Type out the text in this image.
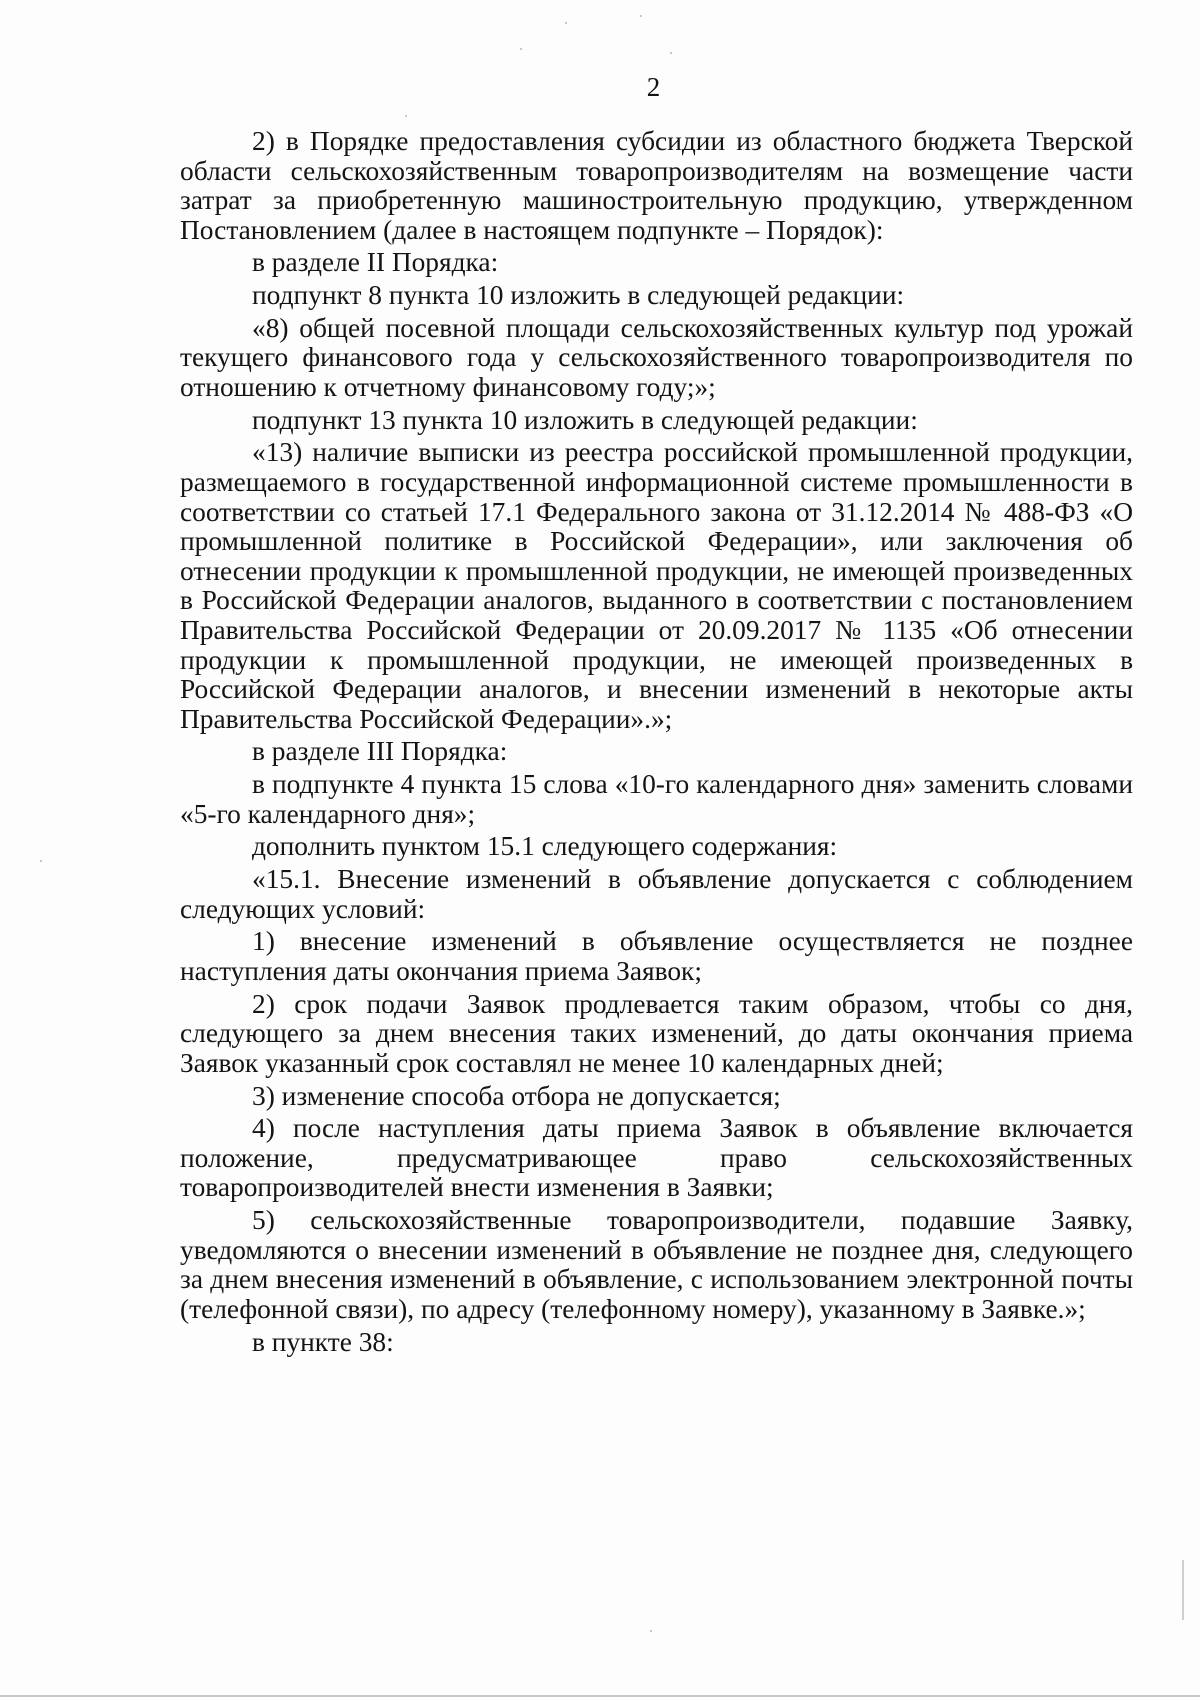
2

2) в Порядке предоставления субсидии из областного бюджета Тверской области сельскохозяйственным товаропроизводителям на возмещение части затрат за приобретенную машиностроительную продукцию, утвержденном Постановлением (далее в настоящем подпункте – Порядок):

в разделе II Порядка:

подпункт 8 пункта 10 изложить в следующей редакции:

«8) общей посевной площади сельскохозяйственных культур под урожай текущего финансового года у сельскохозяйственного товаропроизводителя по отношению к отчетному финансовому году;»;

подпункт 13 пункта 10 изложить в следующей редакции:

«13) наличие выписки из реестра российской промышленной продукции, размещаемого в государственной информационной системе промышленности в соответствии со статьей 17.1 Федерального закона от 31.12.2014 № 488-ФЗ «О промышленной политике в Российской Федерации», или заключения об отнесении продукции к промышленной продукции, не имеющей произведенных в Российской Федерации аналогов, выданного в соответствии с постановлением Правительства Российской Федерации от 20.09.2017 № 1135 «Об отнесении продукции к промышленной продукции, не имеющей произведенных в Российской Федерации аналогов, и внесении изменений в некоторые акты Правительства Российской Федерации».»;

в разделе III Порядка:

в подпункте 4 пункта 15 слова «10-го календарного дня» заменить словами «5-го календарного дня»;

дополнить пунктом 15.1 следующего содержания:

«15.1. Внесение изменений в объявление допускается с соблюдением следующих условий:

1) внесение изменений в объявление осуществляется не позднее наступления даты окончания приема Заявок;

2) срок подачи Заявок продлевается таким образом, чтобы со дня, следующего за днем внесения таких изменений, до даты окончания приема Заявок указанный срок составлял не менее 10 календарных дней;

3) изменение способа отбора не допускается;

4) после наступления даты приема Заявок в объявление включается положение, предусматривающее право сельскохозяйственных товаропроизводителей внести изменения в Заявки;

5) сельскохозяйственные товаропроизводители, подавшие Заявку, уведомляются о внесении изменений в объявление не позднее дня, следующего за днем внесения изменений в объявление, с использованием электронной почты (телефонной связи), по адресу (телефонному номеру), указанному в Заявке.»;

в пункте 38:
